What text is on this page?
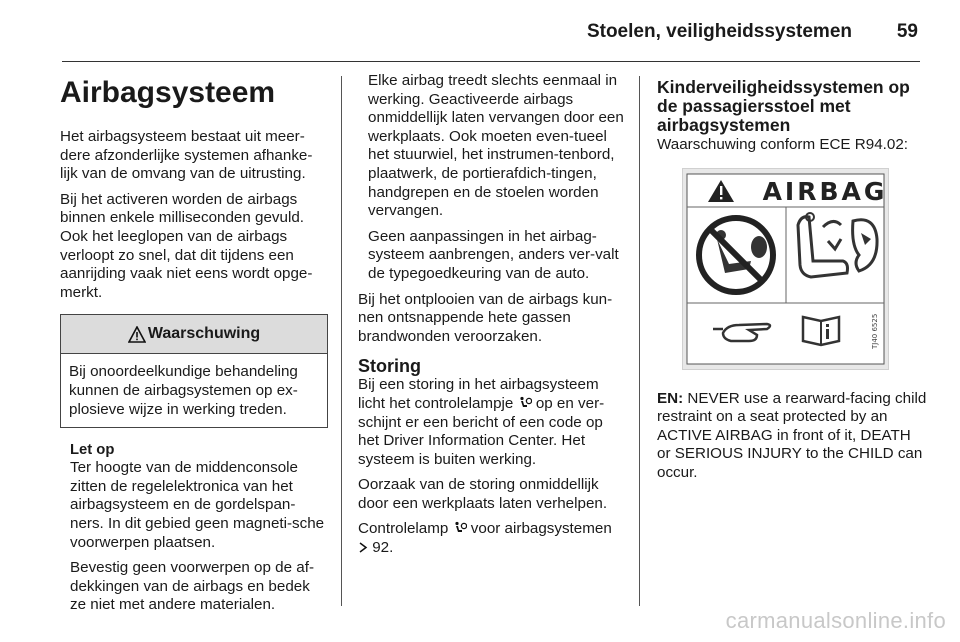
Stoelen, veiligheidssystemen 59
Airbagsysteem

Het airbagsysteem bestaat uit meer-dere afzonderlijke systemen afhanke-lijk van de omvang van de uitrusting.

Bij het activeren worden de airbags binnen enkele milliseconden gevuld. Ook het leeglopen van de airbags verloopt zo snel, dat dit tijdens een aanrijding vaak niet eens wordt opge-merkt.

Waarschuwing
Bij onoordeelkundige behandeling kunnen de airbagsystemen op ex-plosieve wijze in werking treden.
Let op

Ter hoogte van de middenconsole zitten de regelelektronica van het airbagsysteem en de gordelspan-ners. In dit gebied geen magneti-sche voorwerpen plaatsen.

Bevestig geen voorwerpen op de af-dekkingen van de airbags en bedek ze niet met andere materialen.

Elke airbag treedt slechts eenmaal in werking. Geactiveerde airbags onmiddellijk laten vervangen door een werkplaats. Ook moeten even-tueel het stuurwiel, het instrumen-tenbord, plaatwerk, de portierafdich-tingen, handgrepen en de stoelen worden vervangen.

Geen aanpassingen in het airbag-systeem aanbrengen, anders ver-valt de typegoedkeuring van de auto.

Bij het ontplooien van de airbags kun-nen ontsnappende hete gassen brandwonden veroorzaken.

Storing

Bij een storing in het airbagsysteem licht het controlelampje op en ver-schijnt er een bericht of een code op het Driver Information Center. Het systeem is buiten werking.

Oorzaak van de storing onmiddellijk door een werkplaats laten verhelpen.

Controlelamp voor airbagsystemen
92.

Kinderveiligheidssystemen op de passagiersstoel met airbagsystemen

Waarschuwing conform ECE R94.02:

AIRBAG
TJ40 6525

EN: NEVER use a rearward-facing child restraint on a seat protected by an ACTIVE AIRBAG in front of it, DEATH or SERIOUS INJURY to the CHILD can occur.

carmanualsonline.info
